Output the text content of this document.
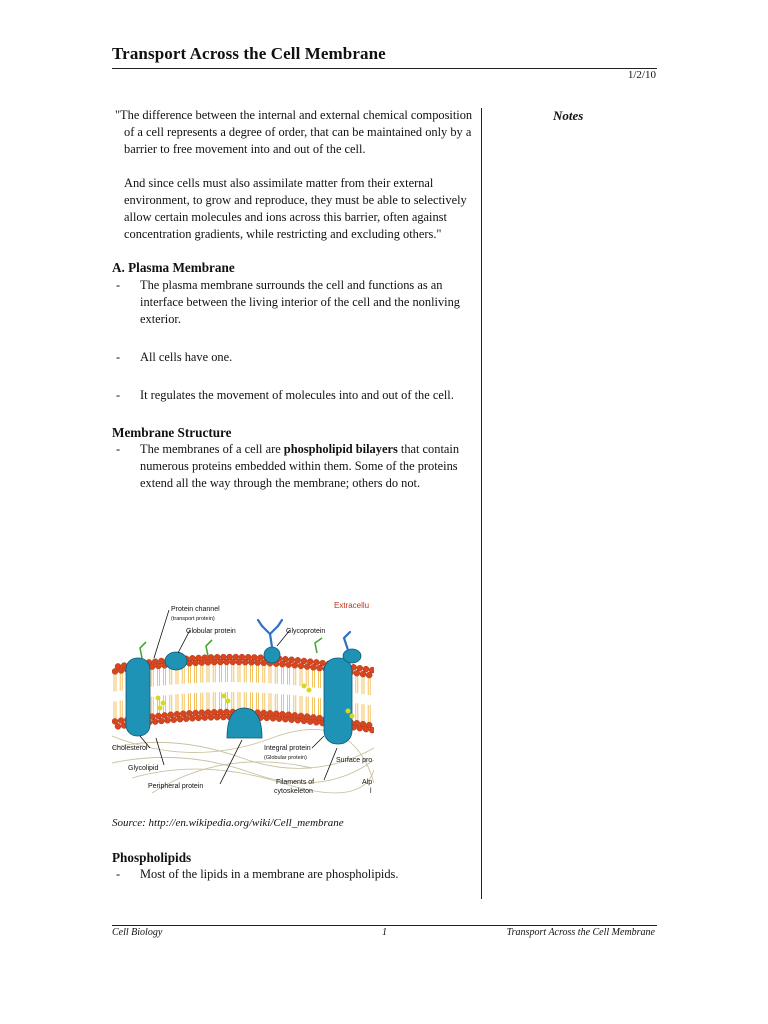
Transport Across the Cell Membrane
1/2/10
Notes

"The difference between the internal and external chemical composition of a cell represents a degree of order, that can be maintained only by a barrier to free movement into and out of the cell.

And since cells must also assimilate matter from their external environment, to grow and reproduce, they must be able to selectively allow certain molecules and ions across this barrier, often against concentration gradients, while restricting and excluding others."

A. Plasma Membrane

-	The plasma membrane surrounds the cell and functions as an interface between the living interior of the cell and the nonliving exterior.
-	All cells have one.
-	It regulates the movement of molecules into and out of the cell.

Membrane Structure

-	The membranes of a cell are phospholipid bilayers that contain numerous proteins embedded within them. Some of the proteins extend all the way through the membrane; others do not.
Protein channel
(transport protein)
Globular protein	Glycoprotein
Extracellu
Cholesterol
Glycolipid
Peripheral protein
Integral protein
(Globular protein)	Surface pro
Filaments of
cytoskeleton
Alp
l
Source: http://en.wikipedia.org/wiki/Cell_membrane

Phospholipids

-	Most of the lipids in a membrane are phospholipids.
Cell Biology	1	Transport Across the Cell Membrane
